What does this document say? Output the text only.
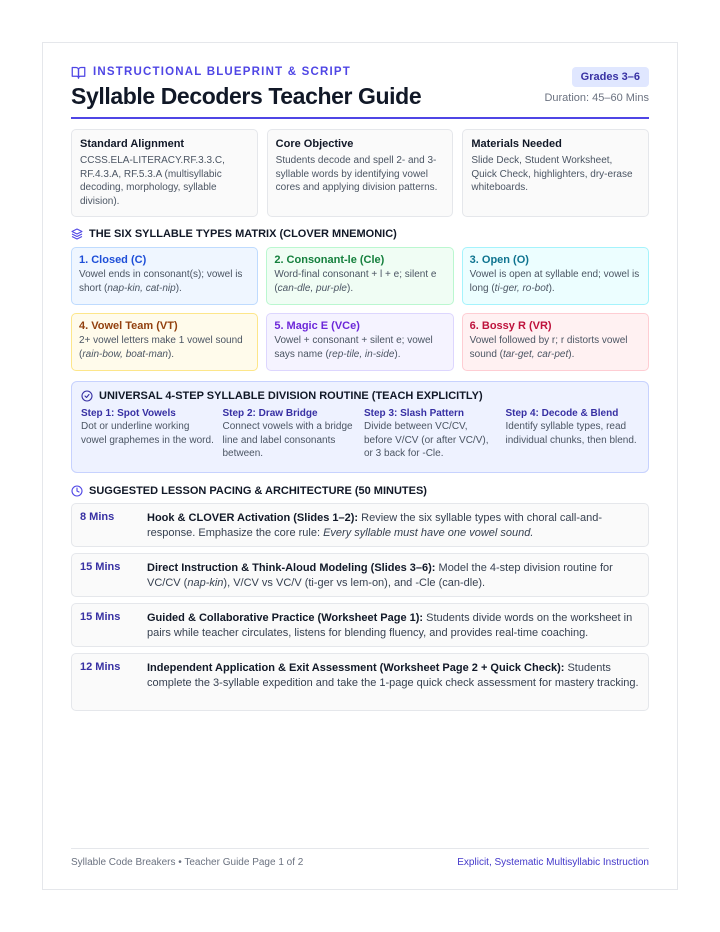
INSTRUCTIONAL BLUEPRINT & SCRIPT
Syllable Decoders Teacher Guide
Grades 3–6
Duration: 45–60 Mins
Standard Alignment
CCSS.ELA-LITERACY.RF.3.3.C, RF.4.3.A, RF.5.3.A (multisyllabic decoding, morphology, syllable division).
Core Objective
Students decode and spell 2- and 3-syllable words by identifying vowel cores and applying division patterns.
Materials Needed
Slide Deck, Student Worksheet, Quick Check, highlighters, dry-erase whiteboards.
THE SIX SYLLABLE TYPES MATRIX (CLOVER MNEMONIC)
1. Closed (C)
Vowel ends in consonant(s); vowel is short (nap-kin, cat-nip).
2. Consonant-le (Cle)
Word-final consonant + l + e; silent e (can-dle, pur-ple).
3. Open (O)
Vowel is open at syllable end; vowel is long (ti-ger, ro-bot).
4. Vowel Team (VT)
2+ vowel letters make 1 vowel sound (rain-bow, boat-man).
5. Magic E (VCe)
Vowel + consonant + silent e; vowel says name (rep-tile, in-side).
6. Bossy R (VR)
Vowel followed by r; r distorts vowel sound (tar-get, car-pet).
UNIVERSAL 4-STEP SYLLABLE DIVISION ROUTINE (TEACH EXPLICITLY)
Step 1: Spot Vowels
Dot or underline working vowel graphemes in the word.
Step 2: Draw Bridge
Connect vowels with a bridge line and label consonants between.
Step 3: Slash Pattern
Divide between VC/CV, before V/CV (or after VC/V), or 3 back for -Cle.
Step 4: Decode & Blend
Identify syllable types, read individual chunks, then blend.
SUGGESTED LESSON PACING & ARCHITECTURE (50 MINUTES)
8 Mins	Hook & CLOVER Activation (Slides 1–2): Review the six syllable types with choral call-and-response. Emphasize the core rule: Every syllable must have one vowel sound.
15 Mins	Direct Instruction & Think-Aloud Modeling (Slides 3–6): Model the 4-step division routine for VC/CV (nap-kin), V/CV vs VC/V (ti-ger vs lem-on), and -Cle (can-dle).
15 Mins	Guided & Collaborative Practice (Worksheet Page 1): Students divide words on the worksheet in pairs while teacher circulates, listens for blending fluency, and provides real-time coaching.
12 Mins	Independent Application & Exit Assessment (Worksheet Page 2 + Quick Check): Students complete the 3-syllable expedition and take the 1-page quick check assessment for mastery tracking.
Syllable Code Breakers • Teacher Guide Page 1 of 2	Explicit, Systematic Multisyllabic Instruction
